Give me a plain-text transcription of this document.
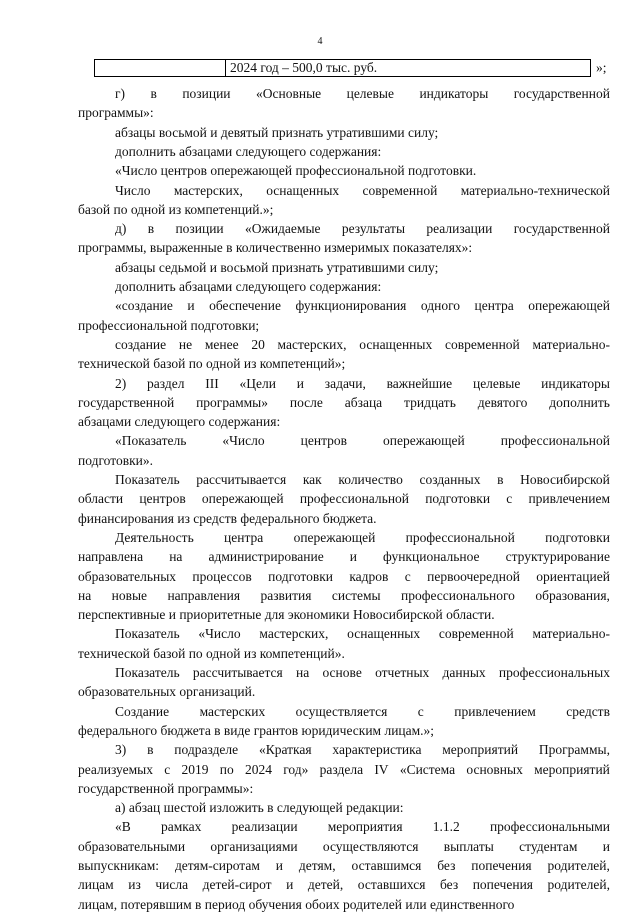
4
2024 год – 500,0 тыс. руб.	»;
г) в позиции «Основные целевые индикаторы государственной
программы»:
абзацы восьмой и девятый признать утратившими силу;
дополнить абзацами следующего содержания:
«Число центров опережающей профессиональной подготовки.
Число мастерских, оснащенных современной материально-технической
базой по одной из компетенций.»;
д) в позиции «Ожидаемые результаты реализации государственной
программы, выраженные в количественно измеримых показателях»:
абзацы седьмой и восьмой признать утратившими силу;
дополнить абзацами следующего содержания:
«создание и обеспечение функционирования одного центра опережающей
профессиональной подготовки;
создание не менее 20 мастерских, оснащенных современной материально-
технической базой по одной из компетенций»;
2) раздел III «Цели и задачи, важнейшие целевые индикаторы
государственной программы» после абзаца тридцать девятого дополнить
абзацами следующего содержания:
«Показатель	«Число	центров	опережающей	профессиональной
подготовки».
Показатель рассчитывается как количество созданных в Новосибирской
области центров опережающей профессиональной подготовки с привлечением
финансирования из средств федерального бюджета.
Деятельность центра опережающей профессиональной подготовки
направлена на администрирование и функциональное структурирование
образовательных процессов подготовки кадров с первоочередной ориентацией
на новые направления развития системы профессионального образования,
перспективные и приоритетные для экономики Новосибирской области.
Показатель «Число мастерских, оснащенных современной материально-
технической базой по одной из компетенций».
Показатель рассчитывается на основе отчетных данных профессиональных
образовательных организаций.
Создание мастерских осуществляется с привлечением средств
федерального бюджета в виде грантов юридическим лицам.»;
3) в подразделе «Краткая характеристика мероприятий Программы,
реализуемых с 2019 по 2024 год» раздела IV «Система основных мероприятий
государственной программы»:
а) абзац шестой изложить в следующей редакции:
«В рамках реализации мероприятия 1.1.2 профессиональными
образовательными организациями осуществляются выплаты студентам и
выпускникам: детям-сиротам и детям, оставшимся без попечения родителей,
лицам из числа детей-сирот и детей, оставшихся без попечения родителей,
лицам, потерявшим в период обучения обоих родителей или единственного
